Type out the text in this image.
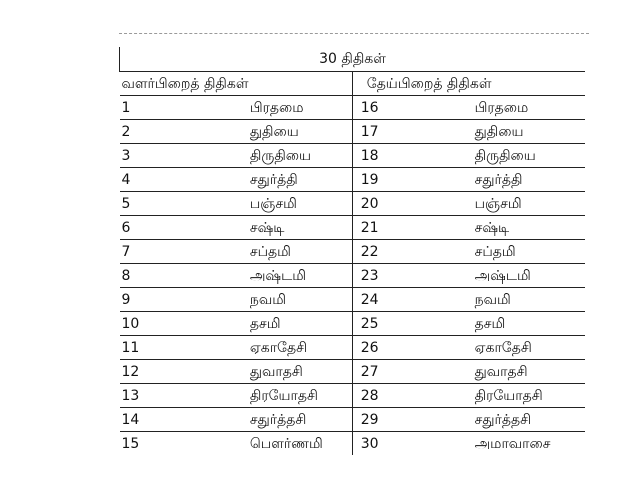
30 திதிகள்			
வளர்பிறைத் திதிகள்		தேய்பிறைத் திதிகள்	
1	பிரதமை	16	பிரதமை
2	துதியை	17	துதியை
3	திருதியை	18	திருதியை
4	சதுர்த்தி	19	சதுர்த்தி
5	பஞ்சமி	20	பஞ்சமி
6	சஷ்டி	21	சஷ்டி
7	சப்தமி	22	சப்தமி
8	அஷ்டமி	23	அஷ்டமி
9	நவமி	24	நவமி
10	தசமி	25	தசமி
11	ஏகாதேசி	26	ஏகாதேசி
12	துவாதசி	27	துவாதசி
13	திரயோதசி	28	திரயோதசி
14	சதுர்த்தசி	29	சதுர்த்தசி
15	பௌர்ணமி	30	அமாவாசை
